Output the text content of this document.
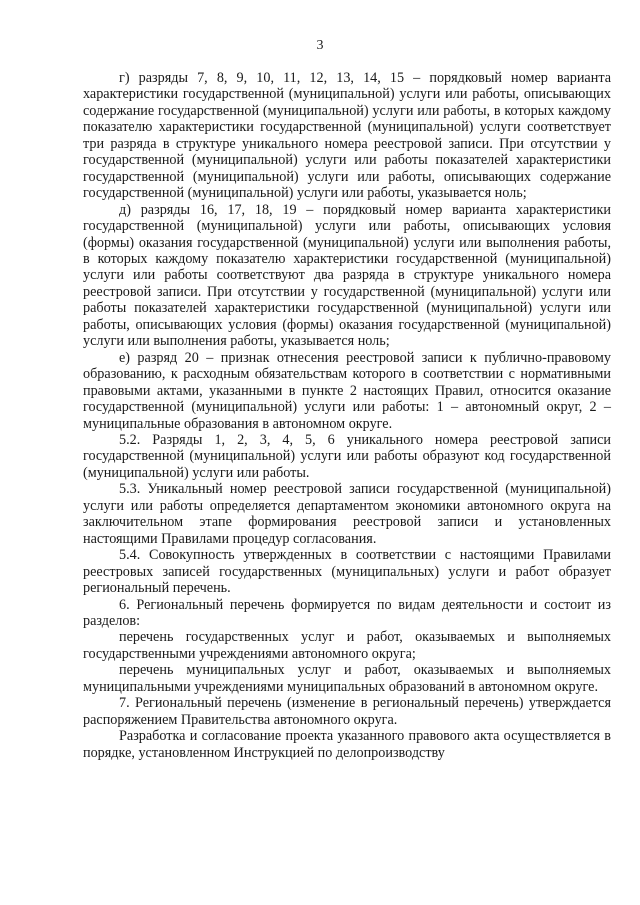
3

г) разряды 7, 8, 9, 10, 11, 12, 13, 14, 15 – порядковый номер варианта характеристики государственной (муниципальной) услуги или работы, описывающих содержание государственной (муниципальной) услуги или работы, в которых каждому показателю характеристики государственной (муниципальной) услуги соответствует три разряда в структуре уникального номера реестровой записи. При отсутствии у государственной (муниципальной) услуги или работы показателей характеристики государственной (муниципальной) услуги или работы, описывающих содержание государственной (муниципальной) услуги или работы, указывается ноль;

д) разряды 16, 17, 18, 19 – порядковый номер варианта характеристики государственной (муниципальной) услуги или работы, описывающих условия (формы) оказания государственной (муниципальной) услуги или выполнения работы, в которых каждому показателю характеристики государственной (муниципальной) услуги или работы соответствуют два разряда в структуре уникального номера реестровой записи. При отсутствии у государственной (муниципальной) услуги или работы показателей характеристики государственной (муниципальной) услуги или работы, описывающих условия (формы) оказания государственной (муниципальной) услуги или выполнения работы, указывается ноль;

е) разряд 20 – признак отнесения реестровой записи к публично-правовому образованию, к расходным обязательствам которого в соответствии с нормативными правовыми актами, указанными в пункте 2 настоящих Правил, относится оказание государственной (муниципальной) услуги или работы: 1 – автономный округ, 2 – муниципальные образования в автономном округе.

5.2. Разряды 1, 2, 3, 4, 5, 6 уникального номера реестровой записи государственной (муниципальной) услуги или работы образуют код государственной (муниципальной) услуги или работы.

5.3. Уникальный номер реестровой записи государственной (муниципальной) услуги или работы определяется департаментом экономики автономного округа на заключительном этапе формирования реестровой записи и установленных настоящими Правилами процедур согласования.

5.4. Совокупность утвержденных в соответствии с настоящими Правилами реестровых записей государственных (муниципальных) услуги и работ образует региональный перечень.

6. Региональный перечень формируется по видам деятельности и состоит из разделов:

перечень государственных услуг и работ, оказываемых и выполняемых государственными учреждениями автономного округа;

перечень муниципальных услуг и работ, оказываемых и выполняемых муниципальными учреждениями муниципальных образований в автономном округе.

7. Региональный перечень (изменение в региональный перечень) утверждается распоряжением Правительства автономного округа.

Разработка и согласование проекта указанного правового акта осуществляется в порядке, установленном Инструкцией по делопроизводству
